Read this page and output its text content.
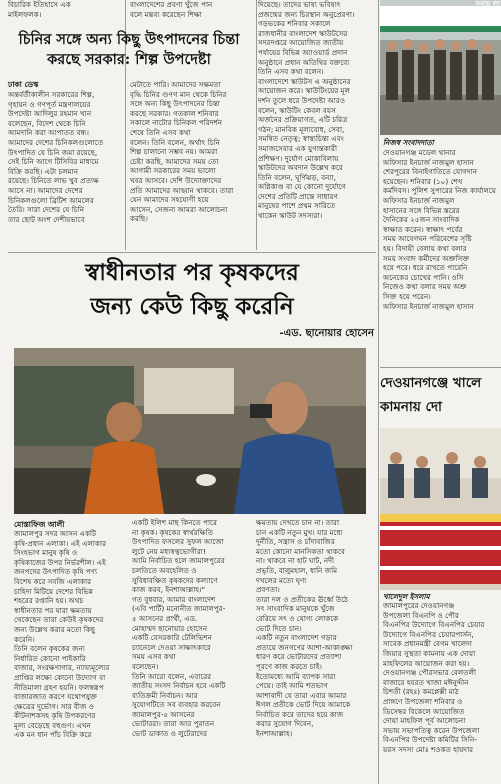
বিচারিক ইতিহাসে এক
মাইলফলক।
বাংলাদেশের প্রবণা খুঁজে পান
বলে মন্তব্য করেছেন শিক্ষা
দিয়েছে। তাদের ভাষ্য ভবিষ্যৎ
প্রজন্মের জন্য চিরস্থান অনুপ্রেরণা।
গড়ভকের শনিবার সকালে
রাজধানীর বাংলাদেশ স্কাউটসের
সদরদপ্তরে আয়োজিত জাতীয়
পর্যায়ের বিভিন্ন অ্যাওয়ার্ড প্রদান
অনুষ্ঠানে প্রধান অতিথির বক্তব্যে
তিনি এসব কথা বলেন।
বাংলাদেশে স্কাউটস এ অনুষ্ঠানের
আয়োজন করে। স্কাউটিংয়ের মূল
দর্শন তুলে ধরে উপদেষ্টা আরও
বলেন, স্কাউটিং কেবল বয়স
অর্জনের প্রক্রিয়াগত, এটি চরিত্র
গঠন; মানবিক মূল্যবোধ, সেবা,
সমন্বিত নেতৃত্ব; স্বাস্থ্যচিন্তা এবং
সমাজসেবার এক যুগান্তকারী
প্রশিক্ষণ। দুর্যোগ মোকাবিলায়
স্কাউটদের অবদান উল্লেখ করে
তিনি বলেন, ঘূর্ণিঝড়, বন্যা,
অগ্নিকাণ্ড বা যে কোনো দুর্যোগে
দেশের প্রতিটি প্রান্তে সাধারণ
মানুষের পাশে প্রথম সারিতে
থাকেন স্কাউট সদস্যরা।
চিনির সঙ্গে অন্য কিছু উৎপাদনের চিন্তা
করছে সরকার: শিল্প উপদেষ্টা
ঢাকা ডেস্ক
অন্তর্বর্তীকালীন সরকারের শিল্প,
গৃহায়ন ও গণপূর্ত মন্ত্রণালয়ের
উপদেষ্টা আদিলুর রহমান খান
বলেছেন, বিদেশ থেকে চিনি
আমদানি করা আপাতত বন্ধ।
আমাদের দেশের চিনিকলগুলোতে
উৎপাদিত যে চিনি জমা রয়েছে,
সেই চিনি আগে টিসিবির মাধ্যমে
বিক্রি করছি। এটা চলমান
রয়েছে। চিনিতে লাভ খুব প্রত্যক্ষ
আসে না। আমাদের দেশের
চিনিকলগুলো ব্রিটিশ আমলের
তৈরি। সারা দেশের যে চিনি
তার ছোট অংশ দেশীয়ভাবে
মেটাতে পারি। আমাদের সক্ষমতা
বৃদ্ধি চিনির গুণগ মান থেকে চিনির
সঙ্গে অন্য কিছু উৎপাদনের চিন্তা
করছে সরকার। গতকাল শনিবার
সকালে নাটোর চিনিকল পরিদর্শন
শেষে তিনি এসব কথা
বলেন। তিনি বলেন, অর্থাৎ চিনি
শিল্প চালানো সম্ভব নয়। আমরা
চেষ্টা করছি, আমাদের সময় তো
আগামী সরকারের সময় ভালো
খবর আসবে। দেশি উদ্যোক্তাদের
প্রতি আমাদের আহ্বান থাকবে। তারা
যেন আমাদের সহযোগী হয়ে
আসেন, সেজন্য আমরা আলোচনা
করছি।
স্বাধীনতার পর কৃষকদের
জন্য কেউ কিছু করেনি
-এড. ছানোয়ার হোসেন
মোস্তাফিজ আলী
জামালপুর সদর আসন একটি
কৃষি-প্রধান এলাকা। এই এলাকার
সিংহভাগ মানুষ কৃষি ও
কৃষিকাজের উপর নির্ভরশীল। এই
জনপদের উৎপাদিত কৃষি পণ্য
বিশেষ করে সবজি এলাকার
চাহিদা মিটিয়ে দেশের বিভিন্ন
শহরের রপ্তানি হয়। অথচ
স্বাধীনতার পর যারা ক্ষমতায়
থেকেছেন তারা কেউই কৃষকদের
জন্য উল্লেখ করার মতো কিছু
করেনি।
তিনি বলেন কৃষকের জন্য
নির্ধারিত কোনো পাইকারি
বাজার, সংরক্ষণাগার, ন্যায্যমূল্যের
প্রাপ্তির লক্ষ্যে কোনো উদ্যোগ বা
নীতিমালা গ্রহণ হয়নি। ফলস্বরূপ
বাজারজাত করণে যথোপযুক্ত
ক্ষেত্রের দুর্ভোগ। সার বীজ ও
কীটনাশকসহ কৃষি উপকরণের
মূল্য বেড়েছে বহুগুণ। এখন
এক মন ধান পাঁচ বিক্রি করে
একটি ইলিশ মাছ কিনতে পারে
না কৃষক। কৃষকের স্বার্থরক্ষিতি
উৎপাদিত ফসলের সুফল আজো
লুটে নেয় মধ্যস্বত্বভোগীরা!
আমি নির্বাচিত হলে জামালপুরের
চলতিতে অবহেলিত ও
সুবিধাবঞ্চিত কৃষকদের কল্যাণে
কাজ করব, ইনশাআল্লাহ।"
গত বুধবার, আমার বাংলাদেশ
(এবি পার্টি) মনোনীত জামালপুর-
৫ আসনের প্রার্থী, এড.
মোহাম্মদ ছানোয়ার হোসেন
একটি বেসরকারি টেলিভিশন
চ্যানেলে দেওয়া সাক্ষাৎকারে
সময় এসব কথা
বলেছেন।
তিনি আরো বলেন, এবারের
জাতীয় সংসদ নির্বাচন হবে একটি
ব্যতিক্রমী নির্বাচন। আর
সুযোগটিতে সব ব্যবহার করবেন
জামালপুর-৫ আসনের
ভোটাররা। তারা আর পুরাতন
ভোট ডাকাত ও লুটেরাদের
ক্ষমতায় দেখতে চান না। তারা
চান একটি নতুন মুখ। যার মধ্যে
দুর্নীতি, সন্ত্রাস ও চাঁদাবাজির
মতো কোনো মানসিকতা থাকবে
না। থাকবে না হাট ঘাট, নদী
প্রভৃতি, বালুমহাল, ধানি জমি
দখলের মতো ঘৃণ্য
প্রবণতা।
তারা দল ও প্রতীকের ঊর্ধ্বে উঠে
সৎ সাংবাদিক মানুষকে খুঁজে
বেরিয়ে সৎ ও যোগ্য লোককে
ভোট দিতে চান।
একটি নতুন বাংলাদেশ গড়ার
প্রত্যয়ে জনগণের আশা-আকাঙ্ক্ষা
ধারণ করে ভোটারদের প্রত্যাশা
পূরণে কাজ করতে চাই।
ইতোমধ্যে আমি ব্যাপক সারা
পেয়ে। তাই আমি শতভাগ
আশাবাদী যে তারা এবার আমার
ঈগল প্রতীকে ভোট দিয়ে আমাকে
নির্বাচিত করে তাদের হয়ে কাজ
করার সুযোগ দিবেন,
ইনশাআল্লাহ।
সনায় লা
নিজস্ব সংবাদদাতা
দেওয়ানগঞ্জ মডেল থানার
অফিসার ইনচার্জ নাজমুল হাসান
শেরপুরের বিনাইগাতিতে যোগদান
হয়েছেন। শনিবার (১০) শেখ
কর্মদিবস। পুলিশ সুপারের নিজ কার্যালয়ে
অফিসার ইনচার্জ নাজমুল
হাসানের সঙ্গে বিভিন্ন স্তরের
দৈনিকের ২৫জন সাংবাদিক
স্বাক্ষাত করেন। স্বাক্ষাৎ পর্বের
সময় আবেগঘন পরিবেশের সৃষ্টি
হয়। বিদায়ী বেলায় কথা বলার
সময় সংবাদ কর্মীদের অশ্রুসিক্ত
হয়ে পরে। ধরে রাখতে পারেনি
অনেকের চোখের পানি। ওসি
নিজেও কথা বলার সময় অশ্রু
সিক্ত হয়ে পরেন।
অফিসার ইনচার্জ নাজমুল হাসান
দেওয়ানগঞ্জে খালে
কামনায় দো
খালেদুল ইসলাম
জামালপুরের দেওয়ানগঞ্জ
উপজেলা বিএনপি ও পৌর
বিএনপির উদ্যোগে বিএনপির চেয়ার
উদ্যোগে বিএনপির চেয়ারপার্সন,
সাবেক প্রধানমন্ত্রী বেগম খালেদা
জিয়ার সুস্থতা কামনায় এক দোয়া
মাহফিলের আয়োজন করা হয়।
দেওয়ানগঞ্জ পৌরসভার বেলতলী
বাজারে হযরত খাজা মঈনুদ্দীন
চিশতী (রহঃ) কমপ্লেক্সী মাঠ
প্রাঙ্গণে উপজেলা শনিবার ও
ডিসেম্বর বিকেলে আয়োজিত
দোয়া মাহফিল পূর্ব আলোচনা
সভায় সভাপতিত্ব করেন উপজেলা
বিএনপির উপদেষ্টা কমিটির সিনি-
য়রস সদস্য মোঃ শওকত হায়দার
